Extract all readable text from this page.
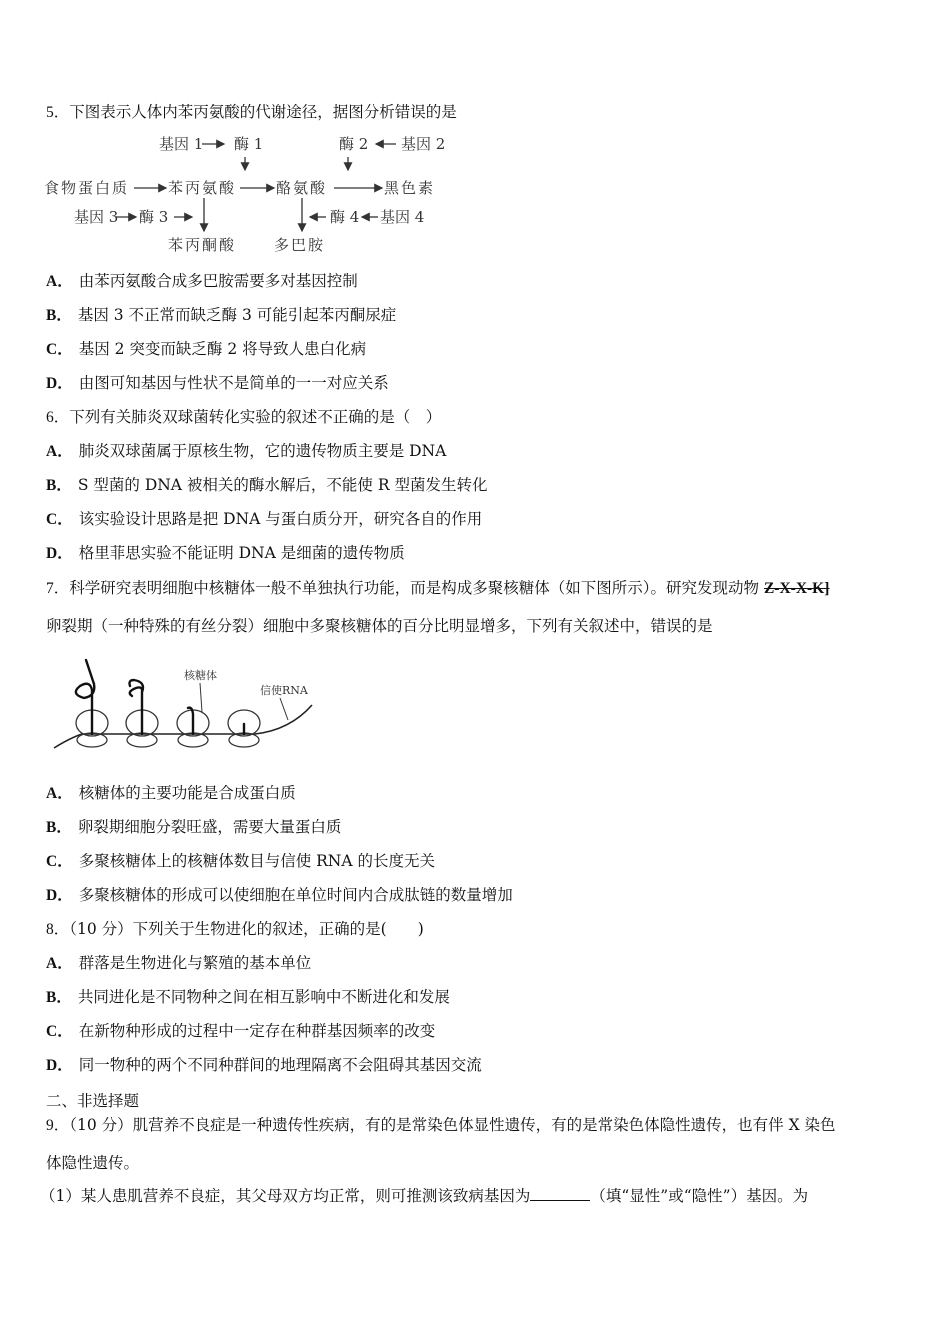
5．下图表示人体内苯丙氨酸的代谢途径，据图分析错误的是
基因 1 酶 1	酶 2 基因 2
食物蛋白质	苯丙氨酸	酪氨酸	黑色素
基因 3 酶 3	酶 4 基因 4
苯丙酮酸	多巴胺
A． 由苯丙氨酸合成多巴胺需要多对基因控制
B． 基因 3 不正常而缺乏酶 3 可能引起苯丙酮尿症
C． 基因 2 突变而缺乏酶 2 将导致人患白化病
D． 由图可知基因与性状不是简单的一一对应关系
6．下列有关肺炎双球菌转化实验的叙述不正确的是（　）
A． 肺炎双球菌属于原核生物，它的遗传物质主要是 DNA
B． S 型菌的 DNA 被相关的酶水解后，不能使 R 型菌发生转化
C． 该实验设计思路是把 DNA 与蛋白质分开，研究各自的作用
D． 格里菲思实验不能证明 DNA 是细菌的遗传物质
7．科学研究表明细胞中核糖体一般不单独执行功能，而是构成多聚核糖体（如下图所示）。研究发现动物 Z-X-X-K]
卵裂期（一种特殊的有丝分裂）细胞中多聚核糖体的百分比明显增多，下列有关叙述中，错误的是
核糖体
信使RNA
A． 核糖体的主要功能是合成蛋白质
B． 卵裂期细胞分裂旺盛，需要大量蛋白质
C． 多聚核糖体上的核糖体数目与信使 RNA 的长度无关
D． 多聚核糖体的形成可以使细胞在单位时间内合成肽链的数量增加
8．（10 分）下列关于生物进化的叙述，正确的是(　　)
A． 群落是生物进化与繁殖的基本单位
B． 共同进化是不同物种之间在相互影响中不断进化和发展
C． 在新物种形成的过程中一定存在种群基因频率的改变
D． 同一物种的两个不同种群间的地理隔离不会阻碍其基因交流
二、非选择题
9．（10 分）肌营养不良症是一种遗传性疾病，有的是常染色体显性遗传，有的是常染色体隐性遗传，也有伴 X 染色
体隐性遗传。
（1）某人患肌营养不良症，其父母双方均正常，则可推测该致病基因为	（填“显性”或“隐性”）基因。为
